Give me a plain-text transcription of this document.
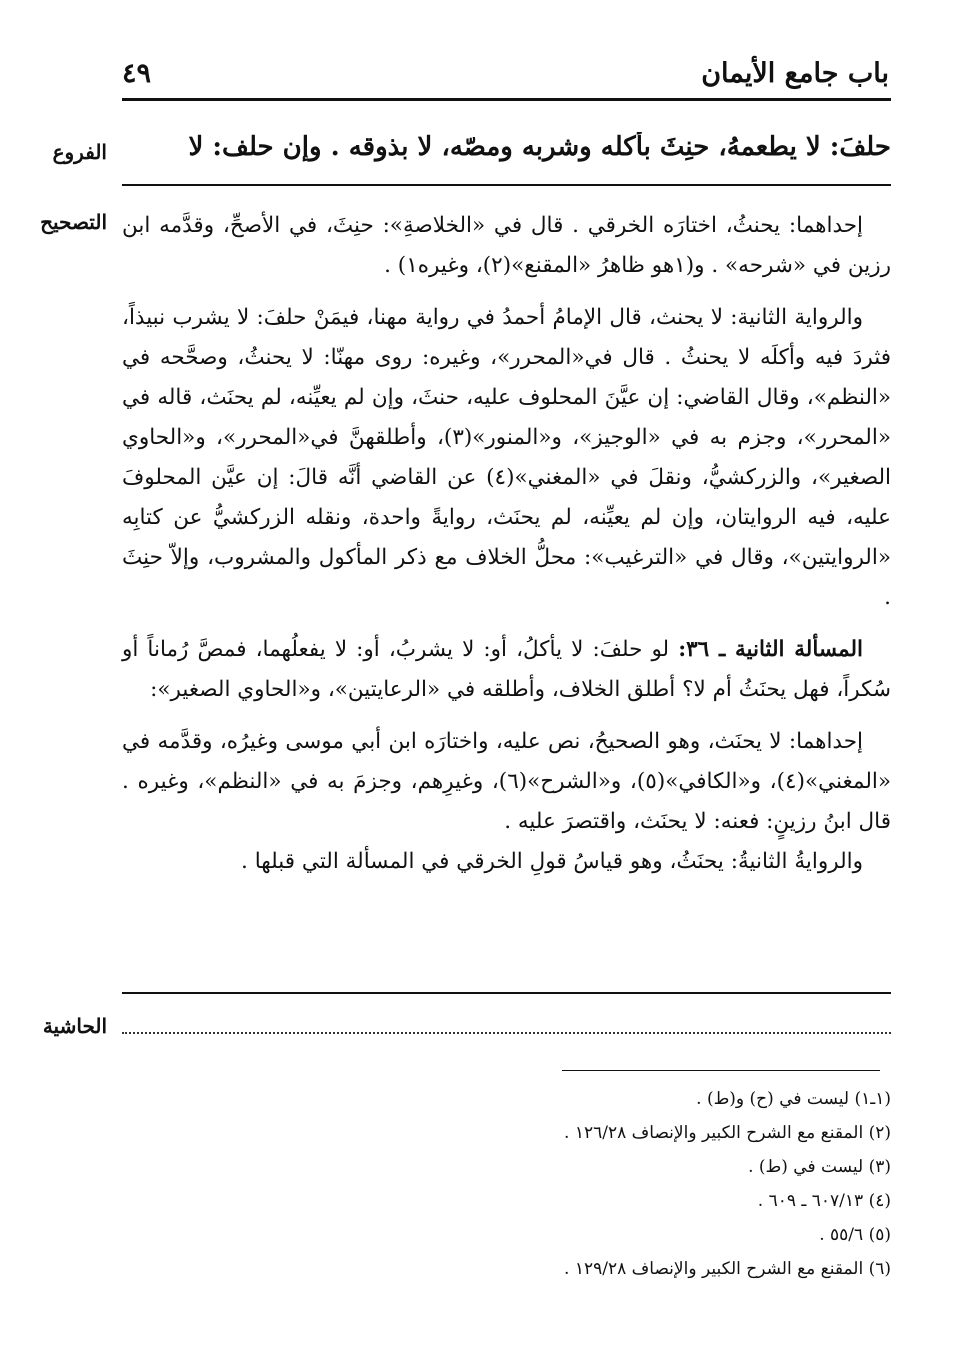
باب جامع الأيمان
٤٩
الفروع	حلفَ: لا يطعمهُ، حنِثَ بأكله وشربه ومصّه، لا بذوقه . وإن حلف: لا
التصحيح إحداهما: يحنثُ، اختارَه الخرقي . قال في «الخلاصةِ»: حنِثَ، في الأصحِّ، وقدَّمه ابن رزين في «شرحه» . و(١هو ظاهرُ «المقنع»(٢)، وغيره١) .

والرواية الثانية: لا يحنث، قال الإمامُ أحمدُ في رواية مهنا، فيمَنْ حلفَ: لا يشرب نبيذاً، فثردَ فيه وأكلَه لا يحنثُ . قال في«المحرر»، وغيره: روى مهنّا: لا يحنثُ، وصحَّحه في «النظم»، وقال القاضي: إن عيَّنَ المحلوف عليه، حنثَ، وإن لم يعيِّنه، لم يحنَث، قاله في «المحرر»، وجزم به في «الوجيز»، و«المنور»(٣)، وأطلقهنَّ في«المحرر»، و«الحاوي الصغير»، والزركشيُّ، ونقلَ في «المغني»(٤) عن القاضي أنَّه قالَ: إن عيَّن المحلوفَ عليه، فيه الروايتان، وإن لم يعيِّنه، لم يحنَث، روايةً واحدة، ونقله الزركشيُّ عن كتابِه «الروايتين»، وقال في «الترغيب»: محلُّ الخلاف مع ذكر المأكول والمشروب، وإلاّ حنِثَ .

المسألة الثانية ـ ٣٦: لو حلفَ: لا يأكلُ، أو: لا يشربُ، أو: لا يفعلُهما، فمصَّ رُماناً أو سُكراً، فهل يحنَثُ أم لا؟ أطلق الخلاف، وأطلقه في «الرعايتين»، و«الحاوي الصغير»:

إحداهما: لا يحنَث، وهو الصحيحُ، نص عليه، واختارَه ابن أبي موسى وغيرُه، وقدَّمه في «المغني»(٤)، و«الكافي»(٥)، و«الشرح»(٦)، وغيرِهم، وجزمَ به في «النظم»، وغيره . قال ابنُ رزينٍ: فعنه: لا يحنَث، واقتصرَ عليه .

والروايةُ الثانيةُ: يحنَثُ، وهو قياسُ قولِ الخرقي في المسألة التي قبلها .

الحاشية
(١ـ١) ليست في (ح) و(ط) .
(٢) المقنع مع الشرح الكبير والإنصاف ١٢٦/٢٨ .
(٣) ليست في (ط) .
(٤) ٦٠٧/١٣ ـ ٦٠٩ .
(٥) ٥٥/٦ .
(٦) المقنع مع الشرح الكبير والإنصاف ١٢٩/٢٨ .
